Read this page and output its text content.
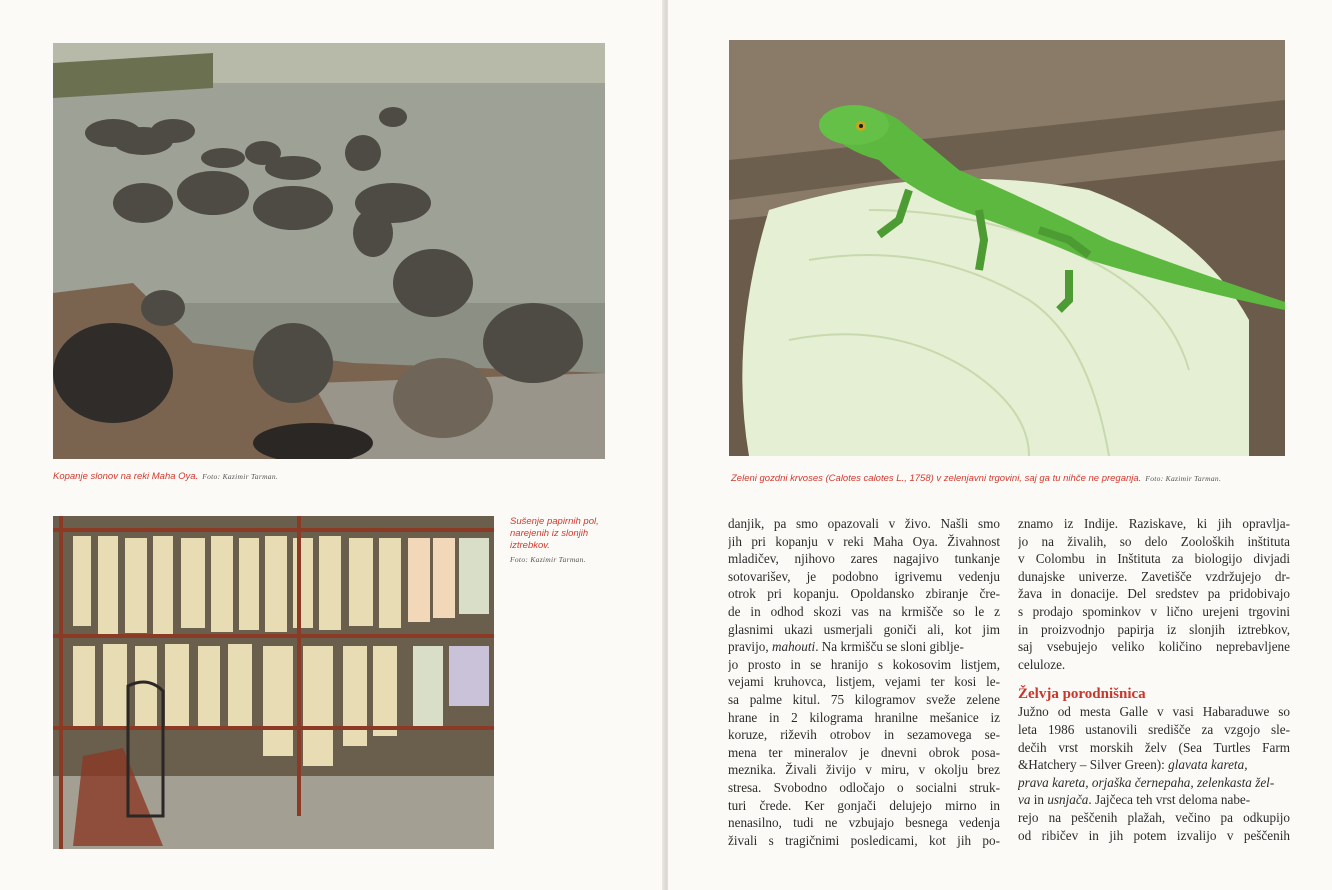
Kopanje slonov na reki Maha Oya. Foto: Kazimir Tarman.
Sušenje papirnih pol,
narejenih iz slonjih
iztrebkov.
Foto: Kazimir Tarman.
Zeleni gozdni krvoses (Calotes calotes L., 1758) v zelenjavni trgovini, saj ga tu nihče ne preganja. Foto: Kazimir Tarman.
danjik, pa smo opazovali v živo. Našli smo
jih pri kopanju v reki Maha Oya. Živahnost
mladičev, njihovo zares nagajivo tunkanje
sotovarišev, je podobno igrivemu vedenju
otrok pri kopanju. Opoldansko zbiranje čre-
de in odhod skozi vas na krmišče so le z
glasnimi ukazi usmerjali goniči ali, kot jim
pravijo, mahouti. Na krmišču se sloni giblje-
jo prosto in se hranijo s kokosovim listjem,
vejami kruhovca, listjem, vejami ter kosi le-
sa palme kitul. 75 kilogramov sveže zelene
hrane in 2 kilograma hranilne mešanice iz
koruze, riževih otrobov in sezamovega se-
mena ter mineralov je dnevni obrok posa-
meznika. Živali živijo v miru, v okolju brez
stresa. Svobodno odločajo o socialni struk-
turi črede. Ker gonjači delujejo mirno in
nenasilno, tudi ne vzbujajo besnega vedenja
živali s tragičnimi posledicami, kot jih po-
znamo iz Indije. Raziskave, ki jih opravlja-
jo na živalih, so delo Zooloških inštituta
v Colombu in Inštituta za biologijo divjadi
dunajske univerze. Zavetišče vzdržujejo dr-
žava in donacije. Del sredstev pa pridobivajo
s prodajo spominkov v lično urejeni trgovini
in proizvodnjo papirja iz slonjih iztrebkov,
saj vsebujejo veliko količino neprebavljene
celuloze.
Želvja porodnišnica
Južno od mesta Galle v vasi Habaraduwe so
leta 1986 ustanovili središče za vzgojo sle-
dečih vrst morskih želv (Sea Turtles Farm
&Hatchery – Silver Green): glavata kareta,
prava kareta, orjaška černepaha, zelenkasta žel-
va in usnjača. Jajčeca teh vrst deloma nabe-
rejo na peščenih plažah, večino pa odkupijo
od ribičev in jih potem izvalijo v peščenih
